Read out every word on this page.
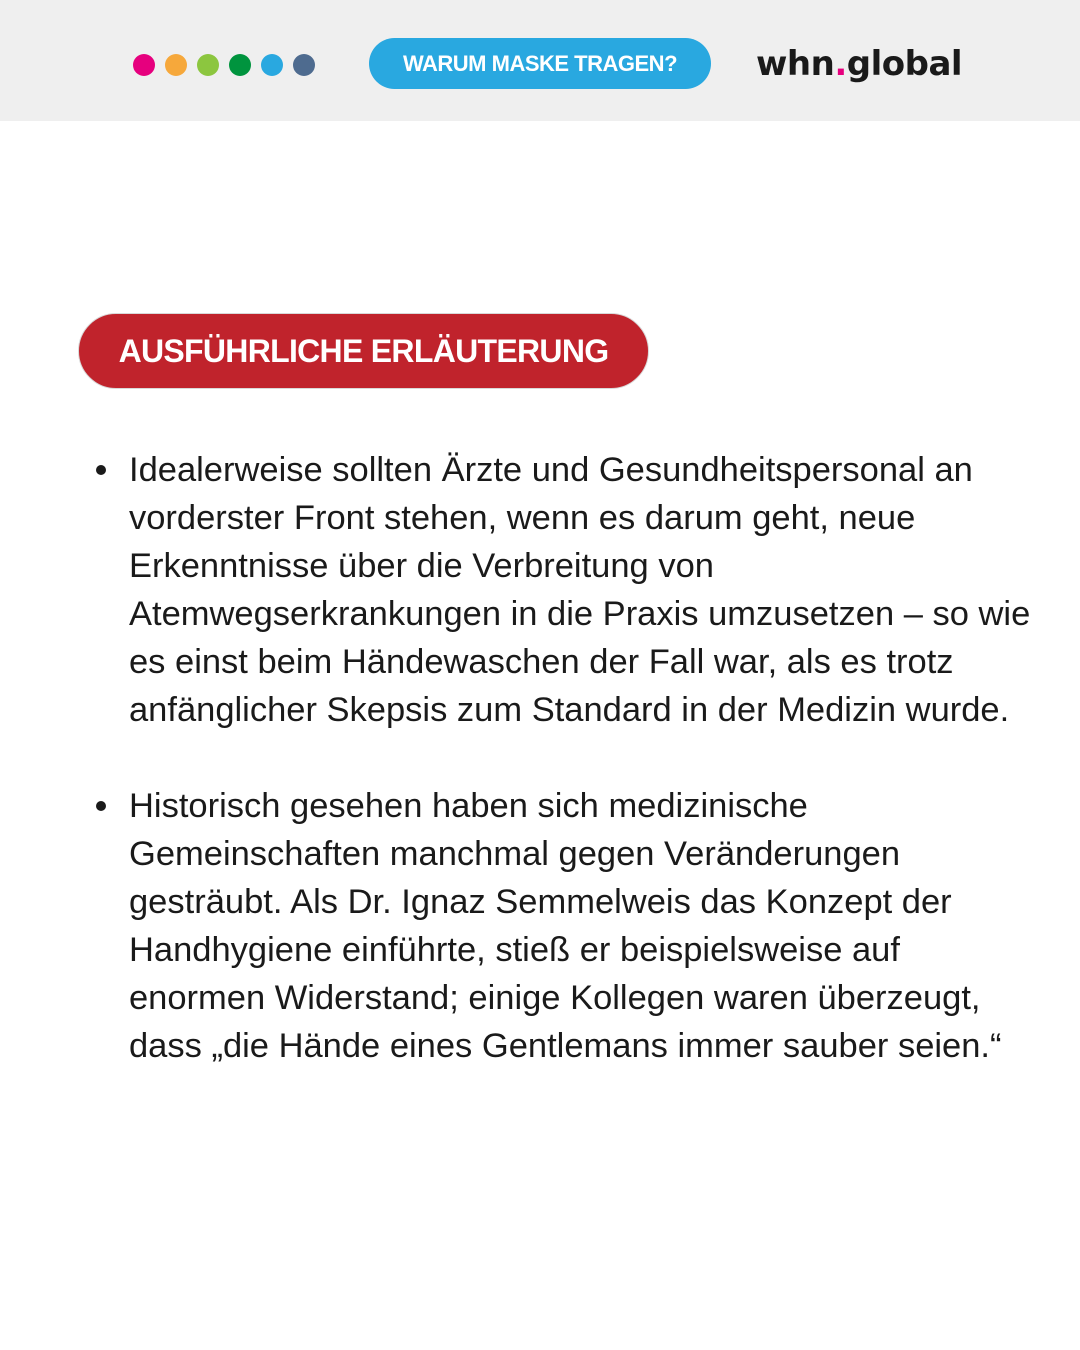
WARUM MASKE TRAGEN? whn . global
AUSFÜHRLICHE ERLÄUTERUNG
Idealerweise sollten Ärzte und Gesundheitspersonal an vorderster Front stehen, wenn es darum geht, neue Erkenntnisse über die Verbreitung von Atemwegserkrankungen in die Praxis umzusetzen – so wie es einst beim Händewaschen der Fall war, als es trotz anfänglicher Skepsis zum Standard in der Medizin wurde.
Historisch gesehen haben sich medizinische Gemeinschaften manchmal gegen Veränderungen gesträubt. Als Dr. Ignaz Semmelweis das Konzept der Handhygiene einführte, stieß er beispielsweise auf enormen Widerstand; einige Kollegen waren überzeugt, dass „die Hände eines Gentlemans immer sauber seien.“
